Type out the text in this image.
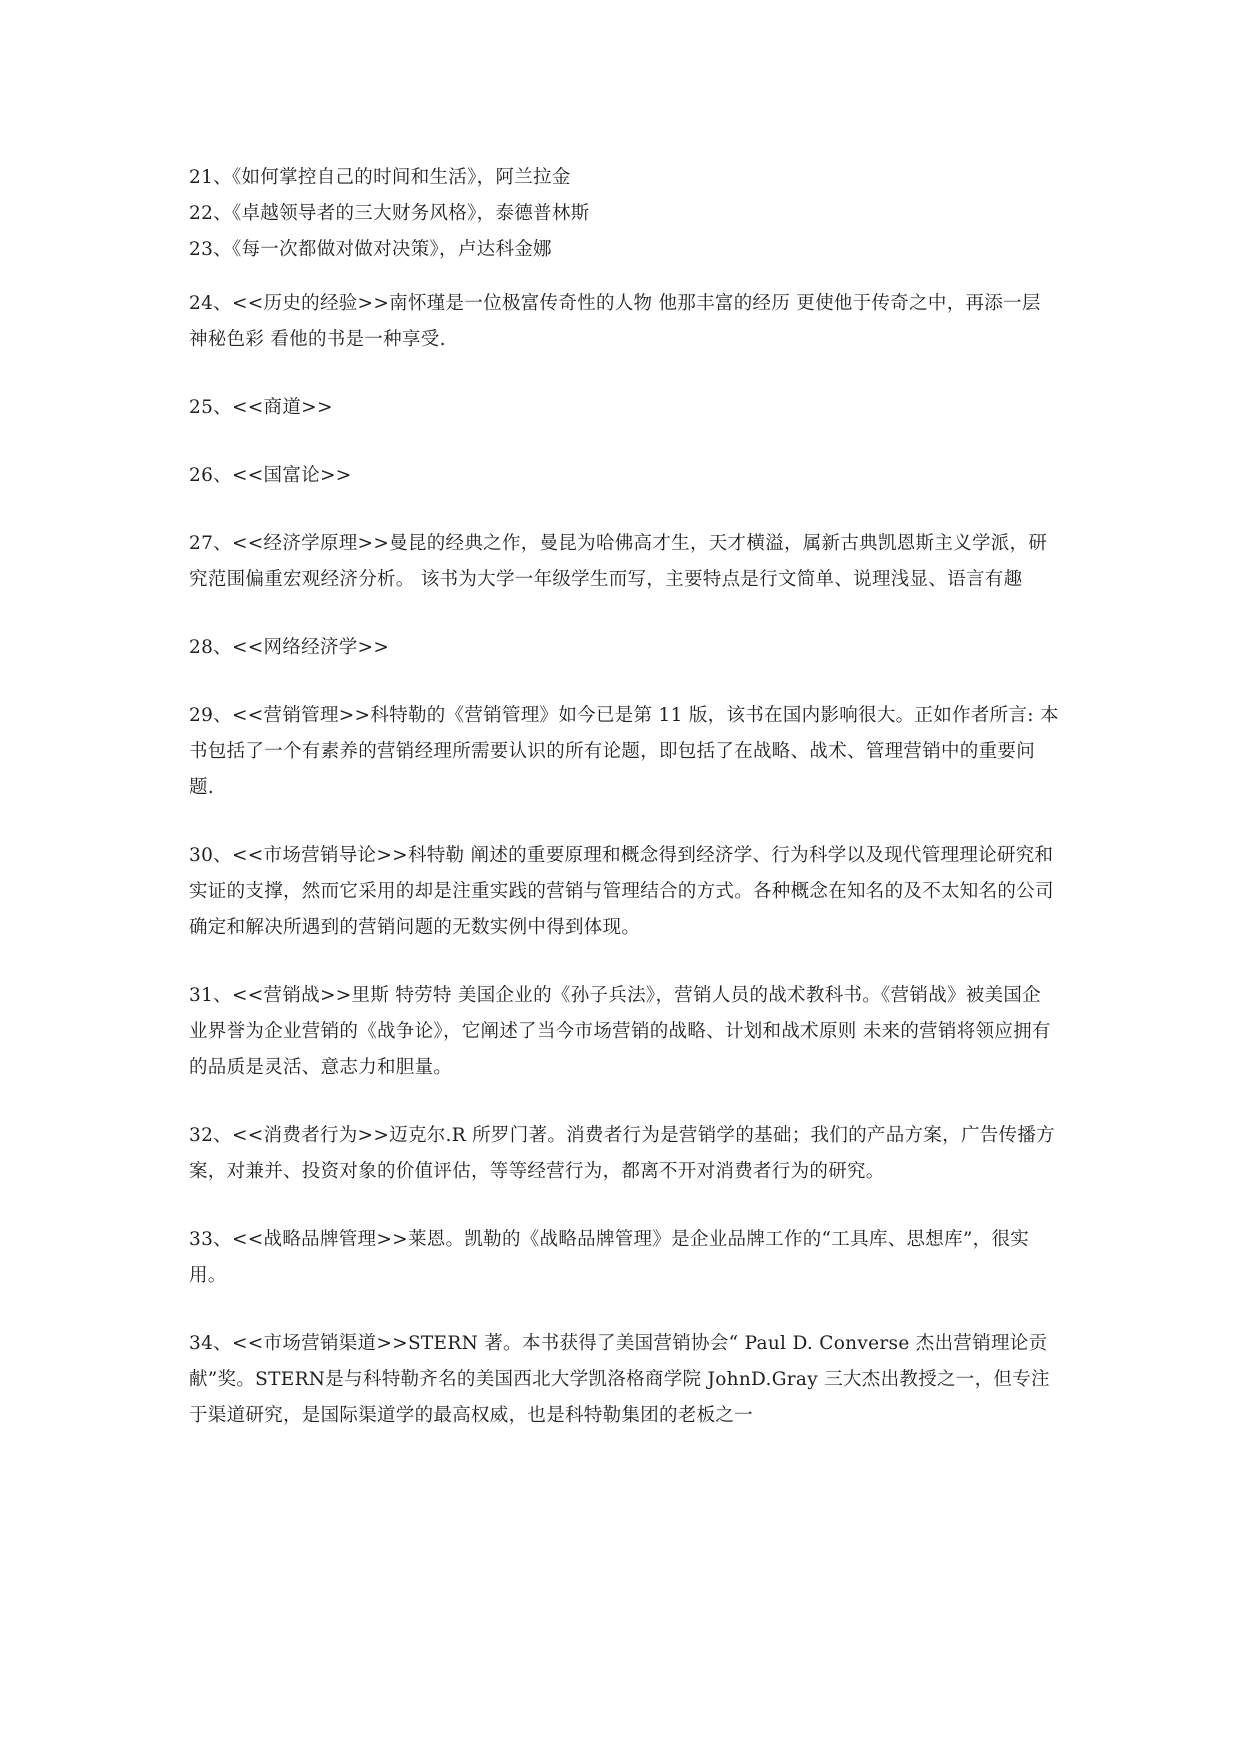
21、《如何掌控自己的时间和生活》，阿兰拉金

22、《卓越领导者的三大财务风格》，泰德普林斯

23、《每一次都做对做对决策》，卢达科金娜

24、<<历史的经验>>南怀瑾是一位极富传奇性的人物 他那丰富的经历 更使他于传奇之中，再添一层神秘色彩 看他的书是一种享受.

25、<<商道>>

26、<<国富论>>

27、<<经济学原理>>曼昆的经典之作，曼昆为哈佛高才生，天才横溢，属新古典凯恩斯主义学派，研究范围偏重宏观经济分析。 该书为大学一年级学生而写，主要特点是行文简单、说理浅显、语言有趣

28、<<网络经济学>>

29、<<营销管理>>科特勒的《营销管理》如今已是第 11 版，该书在国内影响很大。正如作者所言: 本书包括了一个有素养的营销经理所需要认识的所有论题，即包括了在战略、战术、管理营销中的重要问题.

30、<<市场营销导论>>科特勒 阐述的重要原理和概念得到经济学、行为科学以及现代管理理论研究和实证的支撑，然而它采用的却是注重实践的营销与管理结合的方式。各种概念在知名的及不太知名的公司确定和解决所遇到的营销问题的无数实例中得到体现。

31、<<营销战>>里斯 特劳特 美国企业的《孙子兵法》，营销人员的战术教科书。《营销战》被美国企业界誉为企业营销的《战争论》，它阐述了当今市场营销的战略、计划和战术原则 未来的营销将领应拥有的品质是灵活、意志力和胆量。

32、<<消费者行为>>迈克尔.R 所罗门著。消费者行为是营销学的基础；我们的产品方案，广告传播方案，对兼并、投资对象的价值评估，等等经营行为，都离不开对消费者行为的研究。

33、<<战略品牌管理>>莱恩。凯勒的《战略品牌管理》是企业品牌工作的“工具库、思想库”，很实用。

34、<<市场营销渠道>>STERN 著。本书获得了美国营销协会“ Paul D. Converse 杰出营销理论贡献”奖。STERN是与科特勒齐名的美国西北大学凯洛格商学院 JohnD.Gray 三大杰出教授之一，但专注于渠道研究，是国际渠道学的最高权威，也是科特勒集团的老板之一
